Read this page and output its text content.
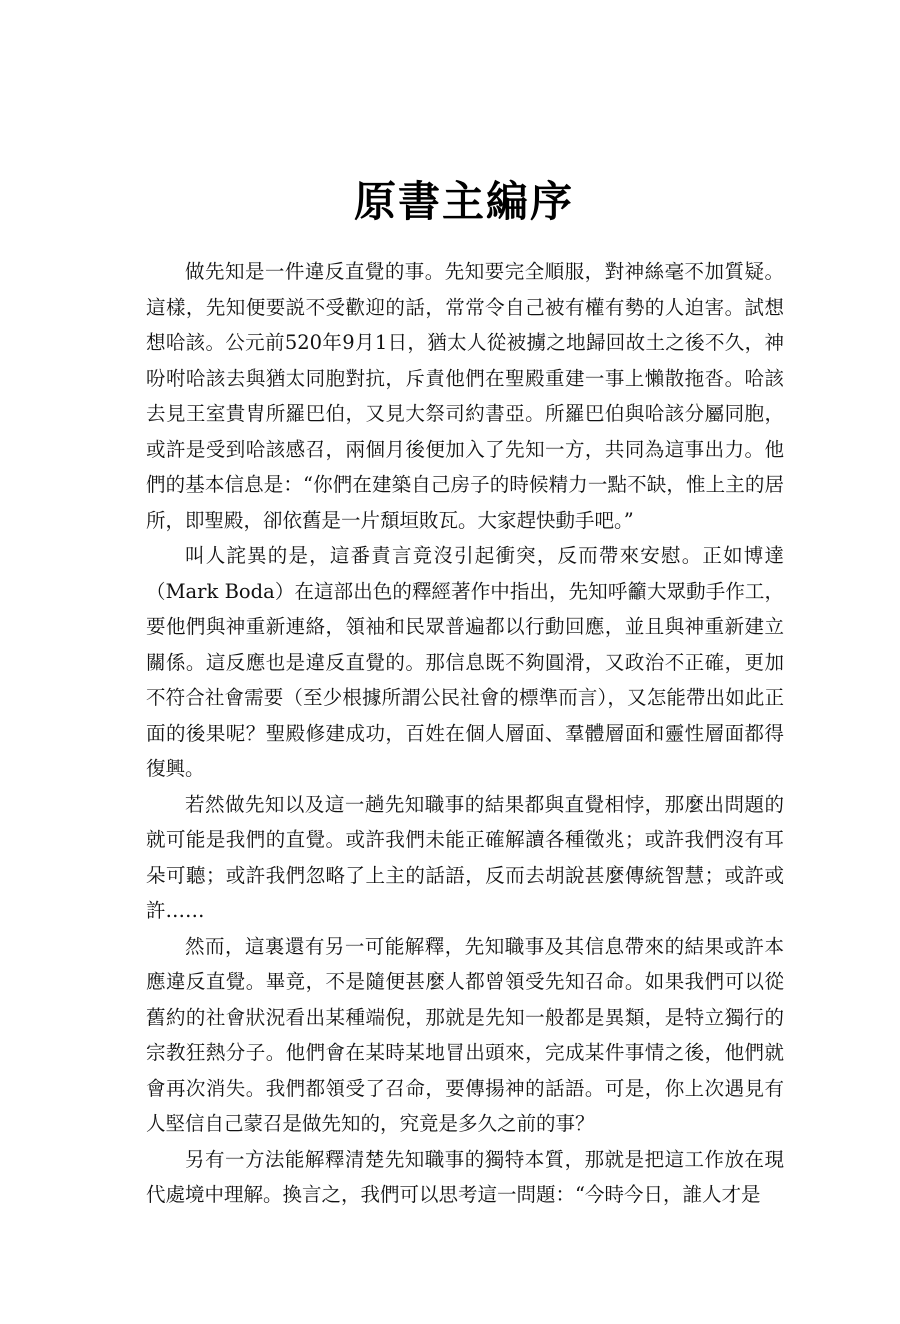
原書主編序

做先知是一件違反直覺的事。先知要完全順服，對神絲毫不加質疑。這樣，先知便要説不受歡迎的話，常常令自己被有權有勢的人迫害。試想想哈該。公元前520年9月1日，猶太人從被擄之地歸回故土之後不久，神吩咐哈該去與猶太同胞對抗，斥責他們在聖殿重建一事上懶散拖沓。哈該去見王室貴胄所羅巴伯，又見大祭司約書亞。所羅巴伯與哈該分屬同胞，或許是受到哈該感召，兩個月後便加入了先知一方，共同為這事出力。他們的基本信息是：“你們在建築自己房子的時候精力一點不缺，惟上主的居所，即聖殿，卻依舊是一片頹垣敗瓦。大家趕快動手吧。”

叫人詫異的是，這番責言竟沒引起衝突，反而帶來安慰。正如博達（Mark Boda）在這部出色的釋經著作中指出，先知呼籲大眾動手作工，要他們與神重新連絡，領袖和民眾普遍都以行動回應，並且與神重新建立關係。這反應也是違反直覺的。那信息既不夠圓滑，又政治不正確，更加不符合社會需要（至少根據所謂公民社會的標準而言），又怎能帶出如此正面的後果呢？聖殿修建成功，百姓在個人層面、羣體層面和靈性層面都得復興。

若然做先知以及這一趟先知職事的結果都與直覺相悖，那麼出問題的就可能是我們的直覺。或許我們未能正確解讀各種徵兆；或許我們沒有耳朵可聽；或許我們忽略了上主的話語，反而去胡說甚麼傳統智慧；或許或許……

然而，這裏還有另一可能解釋，先知職事及其信息帶來的結果或許本應違反直覺。畢竟，不是隨便甚麼人都曾領受先知召命。如果我們可以從舊約的社會狀況看出某種端倪，那就是先知一般都是異類，是特立獨行的宗教狂熱分子。他們會在某時某地冒出頭來，完成某件事情之後，他們就會再次消失。我們都領受了召命，要傳揚神的話語。可是，你上次遇見有人堅信自己蒙召是做先知的，究竟是多久之前的事？

另有一方法能解釋清楚先知職事的獨特本質，那就是把這工作放在現代處境中理解。換言之，我們可以思考這一問題：“今時今日，誰人才是
